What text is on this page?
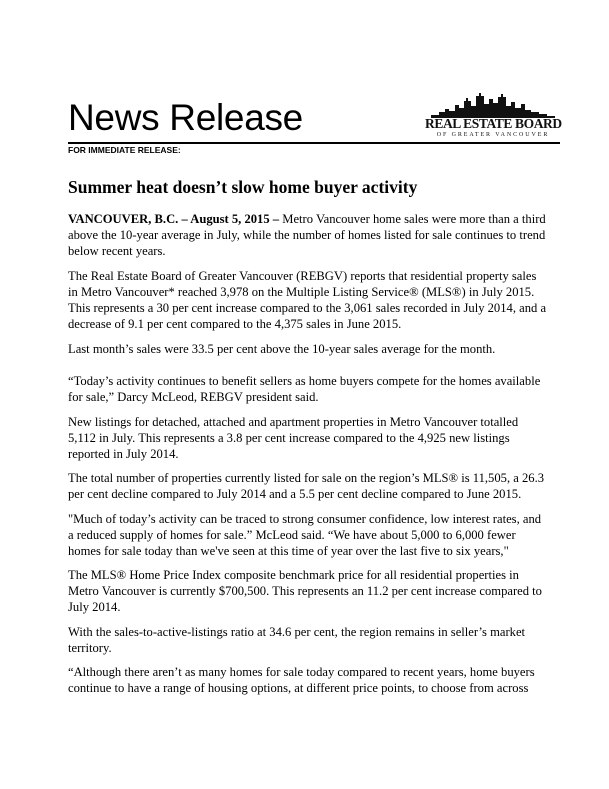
News Release	REAL ESTATE BOARD
OF GREATER VANCOUVER
FOR IMMEDIATE RELEASE:
Summer heat doesn’t slow home buyer activity
VANCOUVER, B.C. – August 5, 2015 – Metro Vancouver home sales were more than a third above the 10-year average in July, while the number of homes listed for sale continues to trend below recent years.
The Real Estate Board of Greater Vancouver (REBGV) reports that residential property sales in Metro Vancouver* reached 3,978 on the Multiple Listing Service® (MLS®) in July 2015. This represents a 30 per cent increase compared to the 3,061 sales recorded in July 2014, and a decrease of 9.1 per cent compared to the 4,375 sales in June 2015.
Last month’s sales were 33.5 per cent above the 10-year sales average for the month.
“Today’s activity continues to benefit sellers as home buyers compete for the homes available for sale,” Darcy McLeod, REBGV president said.
New listings for detached, attached and apartment properties in Metro Vancouver totalled 5,112 in July. This represents a 3.8 per cent increase compared to the 4,925 new listings reported in July 2014.
The total number of properties currently listed for sale on the region’s MLS® is 11,505, a 26.3 per cent decline compared to July 2014 and a 5.5 per cent decline compared to June 2015.
"Much of today’s activity can be traced to strong consumer confidence, low interest rates, and a reduced supply of homes for sale.” McLeod said. “We have about 5,000 to 6,000 fewer homes for sale today than we've seen at this time of year over the last five to six years,"
The MLS® Home Price Index composite benchmark price for all residential properties in Metro Vancouver is currently $700,500. This represents an 11.2 per cent increase compared to July 2014.
With the sales-to-active-listings ratio at 34.6 per cent, the region remains in seller’s market territory.
“Although there aren’t as many homes for sale today compared to recent years, home buyers continue to have a range of housing options, at different price points, to choose from across
